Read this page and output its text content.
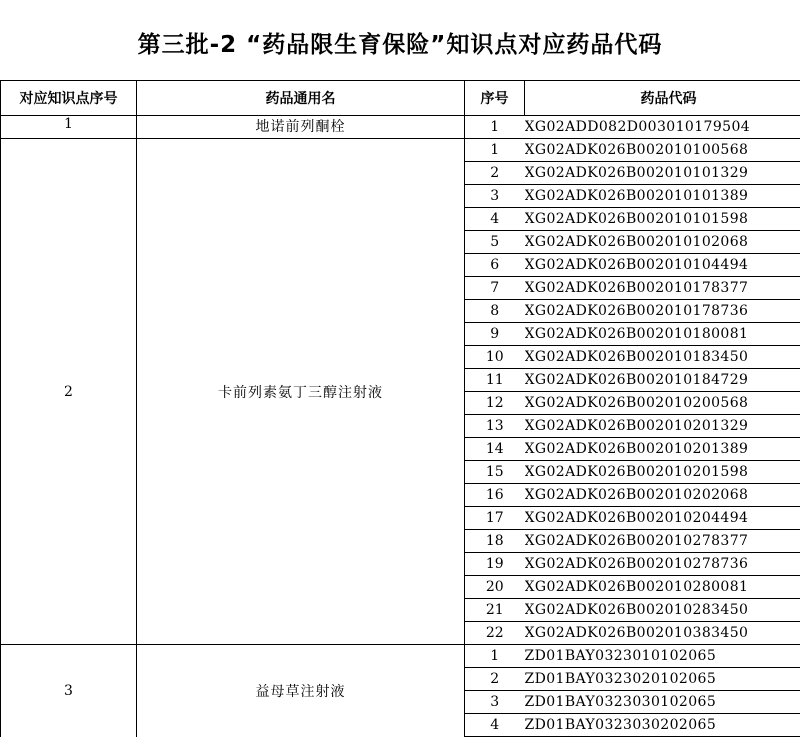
第三批-2 “药品限生育保险”知识点对应药品代码
对应知识点序号	药品通用名	序号	药品代码
1	地诺前列酮栓	1	XG02ADD082D003010179504
2	卡前列素氨丁三醇注射液	1	XG02ADK026B002010100568
		2	XG02ADK026B002010101329
		3	XG02ADK026B002010101389
		4	XG02ADK026B002010101598
		5	XG02ADK026B002010102068
		6	XG02ADK026B002010104494
		7	XG02ADK026B002010178377
		8	XG02ADK026B002010178736
		9	XG02ADK026B002010180081
		10	XG02ADK026B002010183450
		11	XG02ADK026B002010184729
		12	XG02ADK026B002010200568
		13	XG02ADK026B002010201329
		14	XG02ADK026B002010201389
		15	XG02ADK026B002010201598
		16	XG02ADK026B002010202068
		17	XG02ADK026B002010204494
		18	XG02ADK026B002010278377
		19	XG02ADK026B002010278736
		20	XG02ADK026B002010280081
		21	XG02ADK026B002010283450
		22	XG02ADK026B002010383450
3	益母草注射液	1	ZD01BAY0323010102065
		2	ZD01BAY0323020102065
		3	ZD01BAY0323030102065
		4	ZD01BAY0323030202065
